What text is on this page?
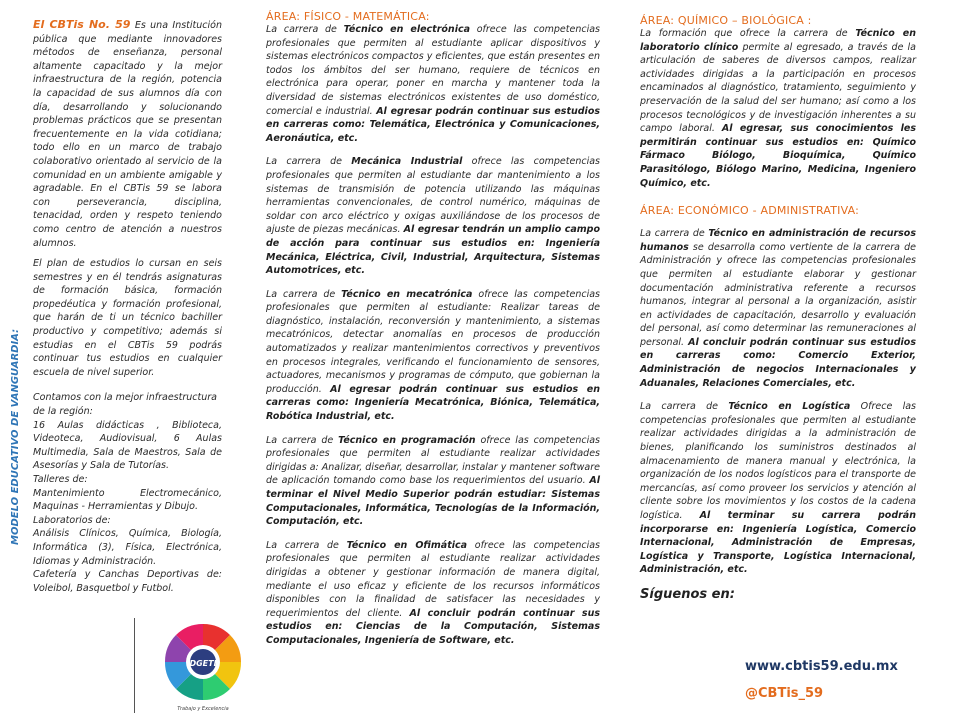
MODELO EDUCATIVO DE VANGUARDIA:

El CBTis No. 59 Es una Institución pública que mediante innovadores métodos de enseñanza, personal altamente capacitado y la mejor infraestructura de la región, potencia la capacidad de sus alumnos día con día, desarrollando y solucionando problemas prácticos que se presentan frecuentemente en la vida cotidiana; todo ello en un marco de trabajo colaborativo orientado al servicio de la comunidad en un ambiente amigable y agradable. En el CBTis 59 se labora con perseverancia, disciplina, tenacidad, orden y respeto teniendo como centro de atención a nuestros alumnos.

El plan de estudios lo cursan en seis semestres y en él tendrás asignaturas de formación básica, formación propedéutica y formación profesional, que harán de ti un técnico bachiller productivo y competitivo; además si estudias en el CBTis 59 podrás continuar tus estudios en cualquier escuela de nivel superior.

Contamos con la mejor infraestructura de la región:

16 Aulas didácticas , Biblioteca, Videoteca, Audiovisual, 6 Aulas Multimedia, Sala de Maestros, Sala de Asesorías y Sala de Tutorías.

Talleres de:

Mantenimiento Electromecánico, Maquinas - Herramientas y Dibujo.

Laboratorios de:

Análisis Clínicos, Química, Biología, Informática (3), Física, Electrónica, Idiomas y Administración.

Cafetería y Canchas Deportivas de: Voleibol, Basquetbol y Futbol.

DGETI
Trabajo y Excelencia

ÁREA: FÍSICO - MATEMÁTICA:

La carrera de Técnico en electrónica ofrece las competencias profesionales que permiten al estudiante aplicar dispositivos y sistemas electrónicos compactos y eficientes, que están presentes en todos los ámbitos del ser humano, requiere de técnicos en electrónica para operar, poner en marcha y mantener toda la diversidad de sistemas electrónicos existentes de uso doméstico, comercial e industrial. Al egresar podrán continuar sus estudios en carreras como: Telemática, Electrónica y Comunicaciones, Aeronáutica, etc.

La carrera de Mecánica Industrial ofrece las competencias profesionales que permiten al estudiante dar mantenimiento a los sistemas de transmisión de potencia utilizando las máquinas herramientas convencionales, de control numérico, máquinas de soldar con arco eléctrico y oxigas auxiliándose de los procesos de ajuste de piezas mecánicas. Al egresar tendrán un amplio campo de acción para continuar sus estudios en: Ingeniería Mecánica, Eléctrica, Civil, Industrial, Arquitectura, Sistemas Automotrices, etc.

La carrera de Técnico en mecatrónica ofrece las competencias profesionales que permiten al estudiante: Realizar tareas de diagnóstico, instalación, reconversión y mantenimiento, a sistemas mecatrónicos, detectar anomalías en procesos de producción automatizados y realizar mantenimientos correctivos y preventivos en procesos integrales, verificando el funcionamiento de sensores, actuadores, mecanismos y programas de cómputo, que gobiernan la producción. Al egresar podrán continuar sus estudios en carreras como: Ingeniería Mecatrónica, Biónica, Telemática, Robótica Industrial, etc.

La carrera de Técnico en programación ofrece las competencias profesionales que permiten al estudiante realizar actividades dirigidas a: Analizar, diseñar, desarrollar, instalar y mantener software de aplicación tomando como base los requerimientos del usuario. Al terminar el Nivel Medio Superior podrán estudiar: Sistemas Computacionales, Informática, Tecnologías de la Información, Computación, etc.

La carrera de Técnico en Ofimática ofrece las competencias profesionales que permiten al estudiante realizar actividades dirigidas a obtener y gestionar información de manera digital, mediante el uso eficaz y eficiente de los recursos informáticos disponibles con la finalidad de satisfacer las necesidades y requerimientos del cliente. Al concluir podrán continuar sus estudios en: Ciencias de la Computación, Sistemas Computacionales, Ingeniería de Software, etc.

ÁREA: QUÍMICO – BIOLÓGICA :

La formación que ofrece la carrera de Técnico en laboratorio clínico permite al egresado, a través de la articulación de saberes de diversos campos, realizar actividades dirigidas a la participación en procesos encaminados al diagnóstico, tratamiento, seguimiento y preservación de la salud del ser humano; así como a los procesos tecnológicos y de investigación inherentes a su campo laboral. Al egresar, sus conocimientos les permitirán continuar sus estudios en: Químico Fármaco Biólogo, Bioquímica, Químico Parasitólogo, Biólogo Marino, Medicina, Ingeniero Químico, etc.

ÁREA: ECONÓMICO - ADMINISTRATIVA:

La carrera de Técnico en administración de recursos humanos se desarrolla como vertiente de la carrera de Administración y ofrece las competencias profesionales que permiten al estudiante elaborar y gestionar documentación administrativa referente a recursos humanos, integrar al personal a la organización, asistir en actividades de capacitación, desarrollo y evaluación del personal, así como determinar las remuneraciones al personal. Al concluir podrán continuar sus estudios en carreras como: Comercio Exterior, Administración de negocios Internacionales y Aduanales, Relaciones Comerciales, etc.

La carrera de Técnico en Logística Ofrece las competencias profesionales que permiten al estudiante realizar actividades dirigidas a la administración de bienes, planificando los suministros destinados al almacenamiento de manera manual y electrónica, la organización de los nodos logísticos para el transporte de mercancías, así como proveer los servicios y atención al cliente sobre los movimientos y los costos de la cadena logística. Al terminar su carrera podrán incorporarse en: Ingeniería Logística, Comercio Internacional, Administración de Empresas, Logística y Transporte, Logística Internacional, Administración, etc.

Síguenos en:

www.cbtis59.edu.mx
@CBTis_59
